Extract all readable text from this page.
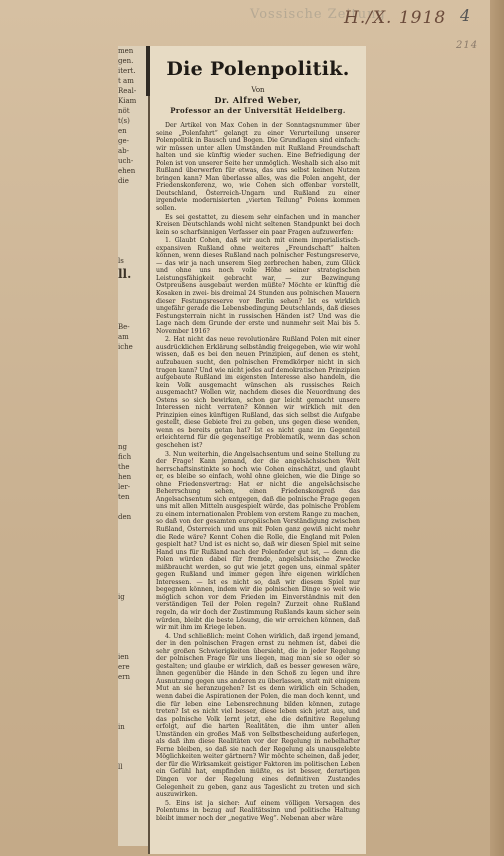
Vossische Zeitung
H./X. 1918 4
214
men
gen.
itert.
t am
Real-
Kiam
nöt
t(s)
en
ge-
ab-
uch-
ehen
die

ls
ll.

Be-
am
iche

ng
fich
the
hen
ler-
ten

den

ig

ien
ere
ern

in

ll

Die Polenpolitik.
Von
Dr. Alfred Weber,
Professor an der Universität Heidelberg.

Der Artikel von Max Cohen in der Sonntagsnummer über seine „Polenfahrt“ gelangt zu einer Verurteilung unserer Polenpolitik in Bausch und Bogen. Die Grundlagen sind einfach: wir müssen unter allen Umständen mit Rußland Freundschaft halten und sie künftig wieder suchen. Eine Befriedigung der Polen ist von unserer Seite her unmöglich. Weshalb sich also mit Rußland überwerfen für etwas, das uns selbst keinen Nutzen bringen kann? Man überlasse alles, was die Polen angeht, der Friedenskonferenz, wo, wie Cohen sich offenbar vorstellt, Deutschland, Österreich-Ungarn und Rußland zu einer irgendwie modernisierten „vierten Teilung“ Polens kommen sollen.

Es sei gestattet, zu diesem sehr einfachen und in mancher Kreisen Deutschlands wohl nicht seltenen Standpunkt bei doch kein so scharfsinnigen Verfasser ein paar Fragen aufzuwerfen:

1. Glaubt Cohen, daß wir auch mit einem imperialistisch-expansiven Rußland ohne weiteres „Freundschaft“ halten können, wenn dieses Rußland nach polnischer Festungsreserve, — das wir ja nach unserem Sieg zerbrechen haben, zum Glück und ohne uns noch volle Höhe seiner strategischen Leistungsfähigkeit gebracht war, — zur Bezwingung Ostpreußens ausgebaut werden müßte? Möchte er künftig die Kosaken in zwei- bis dreimal 24 Stunden aus polnischen Mauern dieser Festungsreserve vor Berlin sehen? Ist es wirklich ungefähr gerade die Lebensbedingung Deutschlands, daß dieses Festungsterrain nicht in russischen Händen ist? Und was die Lage nach dem Grunde der erste und nunmehr seit Mai bis 5. November 1916?

2. Hat nicht das neue revolutionäre Rußland Polen mit einer ausdrücklichen Erklärung selbständig freigegeben, wie wir wohl wissen, daß es bei den neuen Prinzipien, auf denen es steht, aufzubauen sucht, den polnischen Fremdkörper nicht in sich tragen kann? Und wie nicht jedes auf demokratischen Prinzipien aufgebaute Rußland im eigensten Interesse also handeln, die kein Volk ausgemacht wünschen als russisches Reich ausgemacht? Wollen wir, nachdem dieses die Neuordnung des Ostens so sich bewirken, schon gar leicht gemacht unsere Interessen nicht verraten? Können wir wirklich mit den Prinzipien eines künftigen Rußland, das sich selbst die Aufgabe gestellt, diese Gebiete frei zu geben, uns gegen diese wenden, wenn es bereits getan hat? Ist es nicht ganz im Gegenteil erleichternd für die gegenseitige Problematik, wenn das schon geschehen ist?

3. Nun weiterhin, die Angelsachsentum und seine Stellung zu der Frage! Kann jemand, der die angelsächsischen Welt herrschaftsinstinkte so hoch wie Cohen einschätzt, und glaubt er, es bleibe so einfach, wohl ohne gleichen, wie die Dinge so ohne Friedensvertrag: Hat er nicht die angelsächsische Beherrschung sehen, einen Friedenskongreß das Angelsachsentum sich entgegen, daß die polnische Frage gegen uns mit allen Mitteln ausgespielt würde, das polnische Problem zu einem internationalen Problem von erstem Range zu machen, so daß von der gesamten europäischen Verständigung zwischen Rußland, Österreich und uns mit Polen ganz gewiß nicht mehr die Rede wäre? Kennt Cohen die Rolle, die England mit Polen gespielt hat? Und ist es nicht so, daß wir diesen Spiel mit seine Hand uns für Rußland nach der Polenfeder gut ist, — denn die Polen würden dabei für fremde, angelsächsische Zwecke mißbraucht werden, so gut wie jetzt gegen uns, einmal später gegen Rußland und immer gegen ihre eigenen wirklichen Interessen. — Ist es nicht so, daß wir diesem Spiel nur begegnen können, indem wir die polnischen Dinge so weit wie möglich schon vor dem Frieden im Einverständnis mit den verständigen Teil der Polen regeln? Zurzeit ohne Rußland regeln, da wir doch der Zustimmung Rußlands kaum sicher sein würden, bleibt die beste Lösung, die wir erreichen können, daß wir mit ihm im Kriege leben.

4. Und schließlich: meint Cohen wirklich, daß irgend jemand, der in den polnischen Fragen ernst zu nehmen ist, dabei die sehr großen Schwierigkeiten übersieht, die in jeder Regelung der polnischen Frage für uns liegen, mag man sie so oder so gestalten; und glaube er wirklich, daß es besser gewesen wäre, ihnen gegenüber die Hände in den Schoß zu legen und ihre Ausnutzung gegen uns anderen zu überlassen, statt mit einigem Mut an sie heranzugehen? Ist es denn wirklich ein Schaden, wenn dabei die Aspirationen der Polen, die man doch kennt, und die für leben eine Lebensrechnung bilden können, zutage treten? Ist es nicht viel besser, diese leben sich jetzt aus, und das polnische Volk lernt jetzt, ehe die definitive Regelung erfolgt, auf die harten Realitäten, die ihm unter allen Umständen ein großes Maß von Selbstbescheidung auferlegen, als daß ihm diese Realitäten vor der Regelung in nebelhafter Ferne bleiben, so daß sie nach der Regelung als unausgelebte Möglichkeiten weiter gärtnern? Wir möchte scheinen, daß jeder, der für die Wirksamkeit geistiger Faktoren im politischen Leben ein Gefühl hat, empfinden müßte, es ist besser, derartigen Dingen vor der Regelung eines definitiven Zustandes Gelegenheit zu geben, ganz aus Tageslicht zu treten und sich auszuwirken.

5. Eins ist ja sicher: Auf einem völligen Versagen des Polentums in bezug auf Realitätssinn und politische Haltung bleibt immer noch der „negative Weg“. Nebenan aber wäre
